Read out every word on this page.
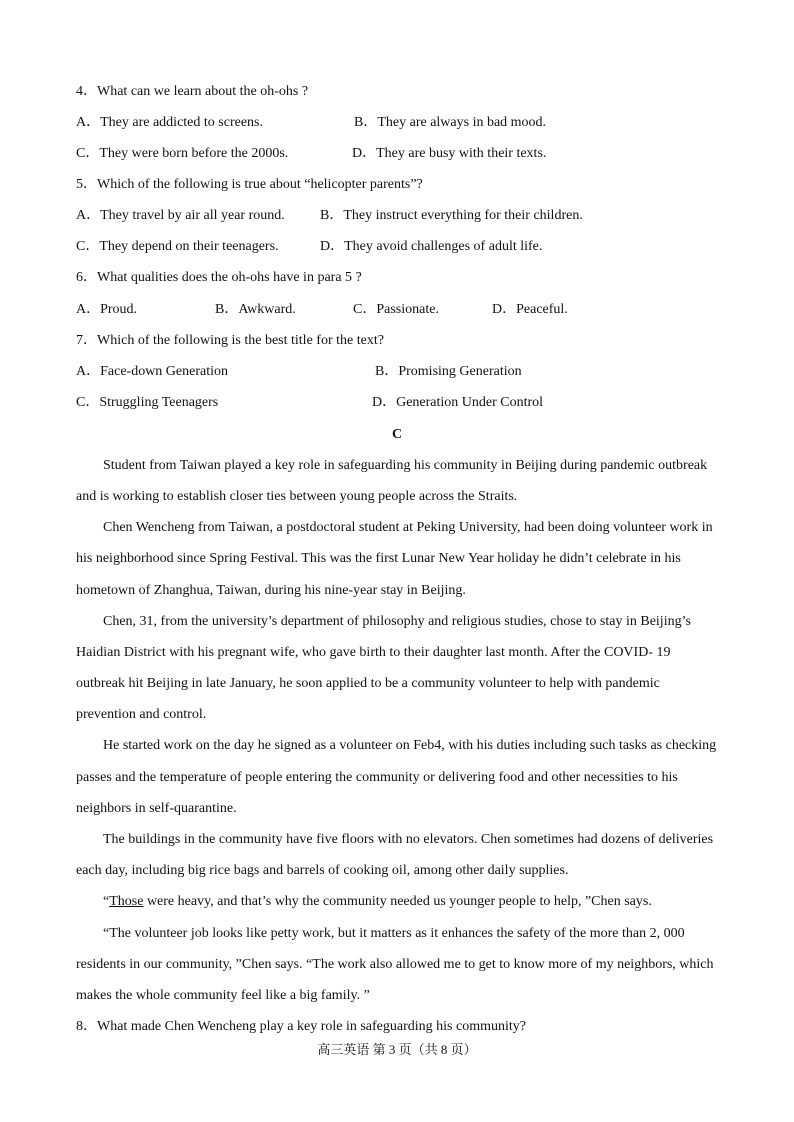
4．What can we learn about the oh-ohs ?
A．They are addicted to screens.	B．They are always in bad mood.
C．They were born before the 2000s.	D．They are busy with their texts.
5．Which of the following is true about “helicopter parents”?
A．They travel by air all year round.	B．They instruct everything for their children.
C．They depend on their teenagers.	D．They avoid challenges of adult life.
6．What qualities does the oh-ohs have in para 5 ?
A．Proud.	B．Awkward.	C．Passionate.	D．Peaceful.
7．Which of the following is the best title for the text?
A．Face-down Generation	B．Promising Generation
C．Struggling Teenagers	D．Generation Under Control
C
Student from Taiwan played a key role in safeguarding his community in Beijing during pandemic outbreak
and is working to establish closer ties between young people across the Straits.
Chen Wencheng from Taiwan, a postdoctoral student at Peking University, had been doing volunteer work in
his neighborhood since Spring Festival. This was the first Lunar New Year holiday he didn’t celebrate in his
hometown of Zhanghua, Taiwan, during his nine-year stay in Beijing.
Chen, 31, from the university’s department of philosophy and religious studies, chose to stay in Beijing’s
Haidian District with his pregnant wife, who gave birth to their daughter last month. After the COVID- 19
outbreak hit Beijing in late January, he soon applied to be a community volunteer to help with pandemic
prevention and control.
He started work on the day he signed as a volunteer on Feb4, with his duties including such tasks as checking
passes and the temperature of people entering the community or delivering food and other necessities to his
neighbors in self-quarantine.
The buildings in the community have five floors with no elevators. Chen sometimes had dozens of deliveries
each day, including big rice bags and barrels of cooking oil, among other daily supplies.
“Those were heavy, and that’s why the community needed us younger people to help, ”Chen says.
“The volunteer job looks like petty work, but it matters as it enhances the safety of the more than 2, 000
residents in our community, ”Chen says. “The work also allowed me to get to know more of my neighbors, which
makes the whole community feel like a big family. ”
8．What made Chen Wencheng play a key role in safeguarding his community?
高三英语 第 3 页（共 8 页）
